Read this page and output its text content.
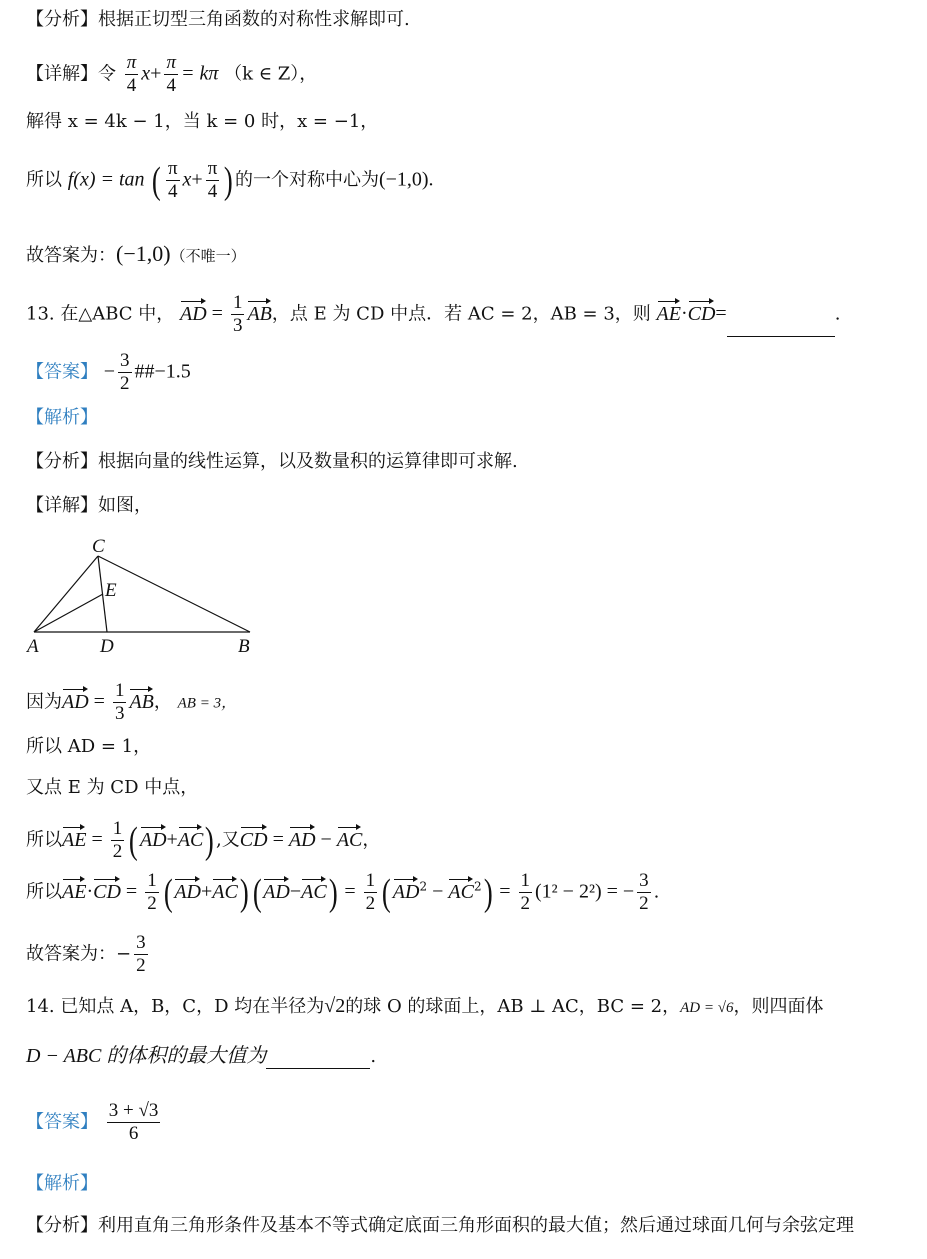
【分析】根据正切型三角函数的对称性求解即可.
【详解】令 $\frac{\pi}{4} x+ \frac{\pi}{4} = k\pi$ （k ∈ Z），
解得 x = 4k − 1，当 k = 0 时，x = −1，
所以 f(x) = tan ( $\frac{\pi}{4} x+ \frac{\pi}{4}$ ) 的一个对称中心为(−1,0).
故答案为：(−1,0)（不唯一）
13. 在△ABC 中， AD = $\frac{1}{3}$ AB，点 E 为 CD 中点．若 AC = 2，AB = 3，则 AE·CD=	.
【答案】 − $\frac{3}{2}$ ##−1.5
【解析】
【分析】根据向量的线性运算，以及数量积的运算律即可求解.
【详解】如图，
C
E
A	D	B
因为AD = $\frac{1}{3}$ AB， AB = 3，
所以 AD = 1，
又点 E 为 CD 中点，
所以AE = $\frac{1}{2} (AD+AC)$ ,又CD = AD − AC，
所以$AE\cdot CD = \frac{1}{2} (AD+AC)(AD-AC) = \frac{1}{2} (AD^2 - AC^2) = \frac{1}{2} (1^2 - 2^2)$ = − $\frac{3}{2}$ .
故答案为：− $\frac{3}{2}$
14. 已知点 A，B，C，D 均在半径为√2的球 O 的球面上，AB ⊥ AC，BC = 2，AD = √6，则四面体
D − ABC 的体积的最大值为	.
【答案】 $\frac{3 + √3}{6}$
【解析】
【分析】利用直角三角形条件及基本不等式确定底面三角形面积的最大值；然后通过球面几何与余弦定理
